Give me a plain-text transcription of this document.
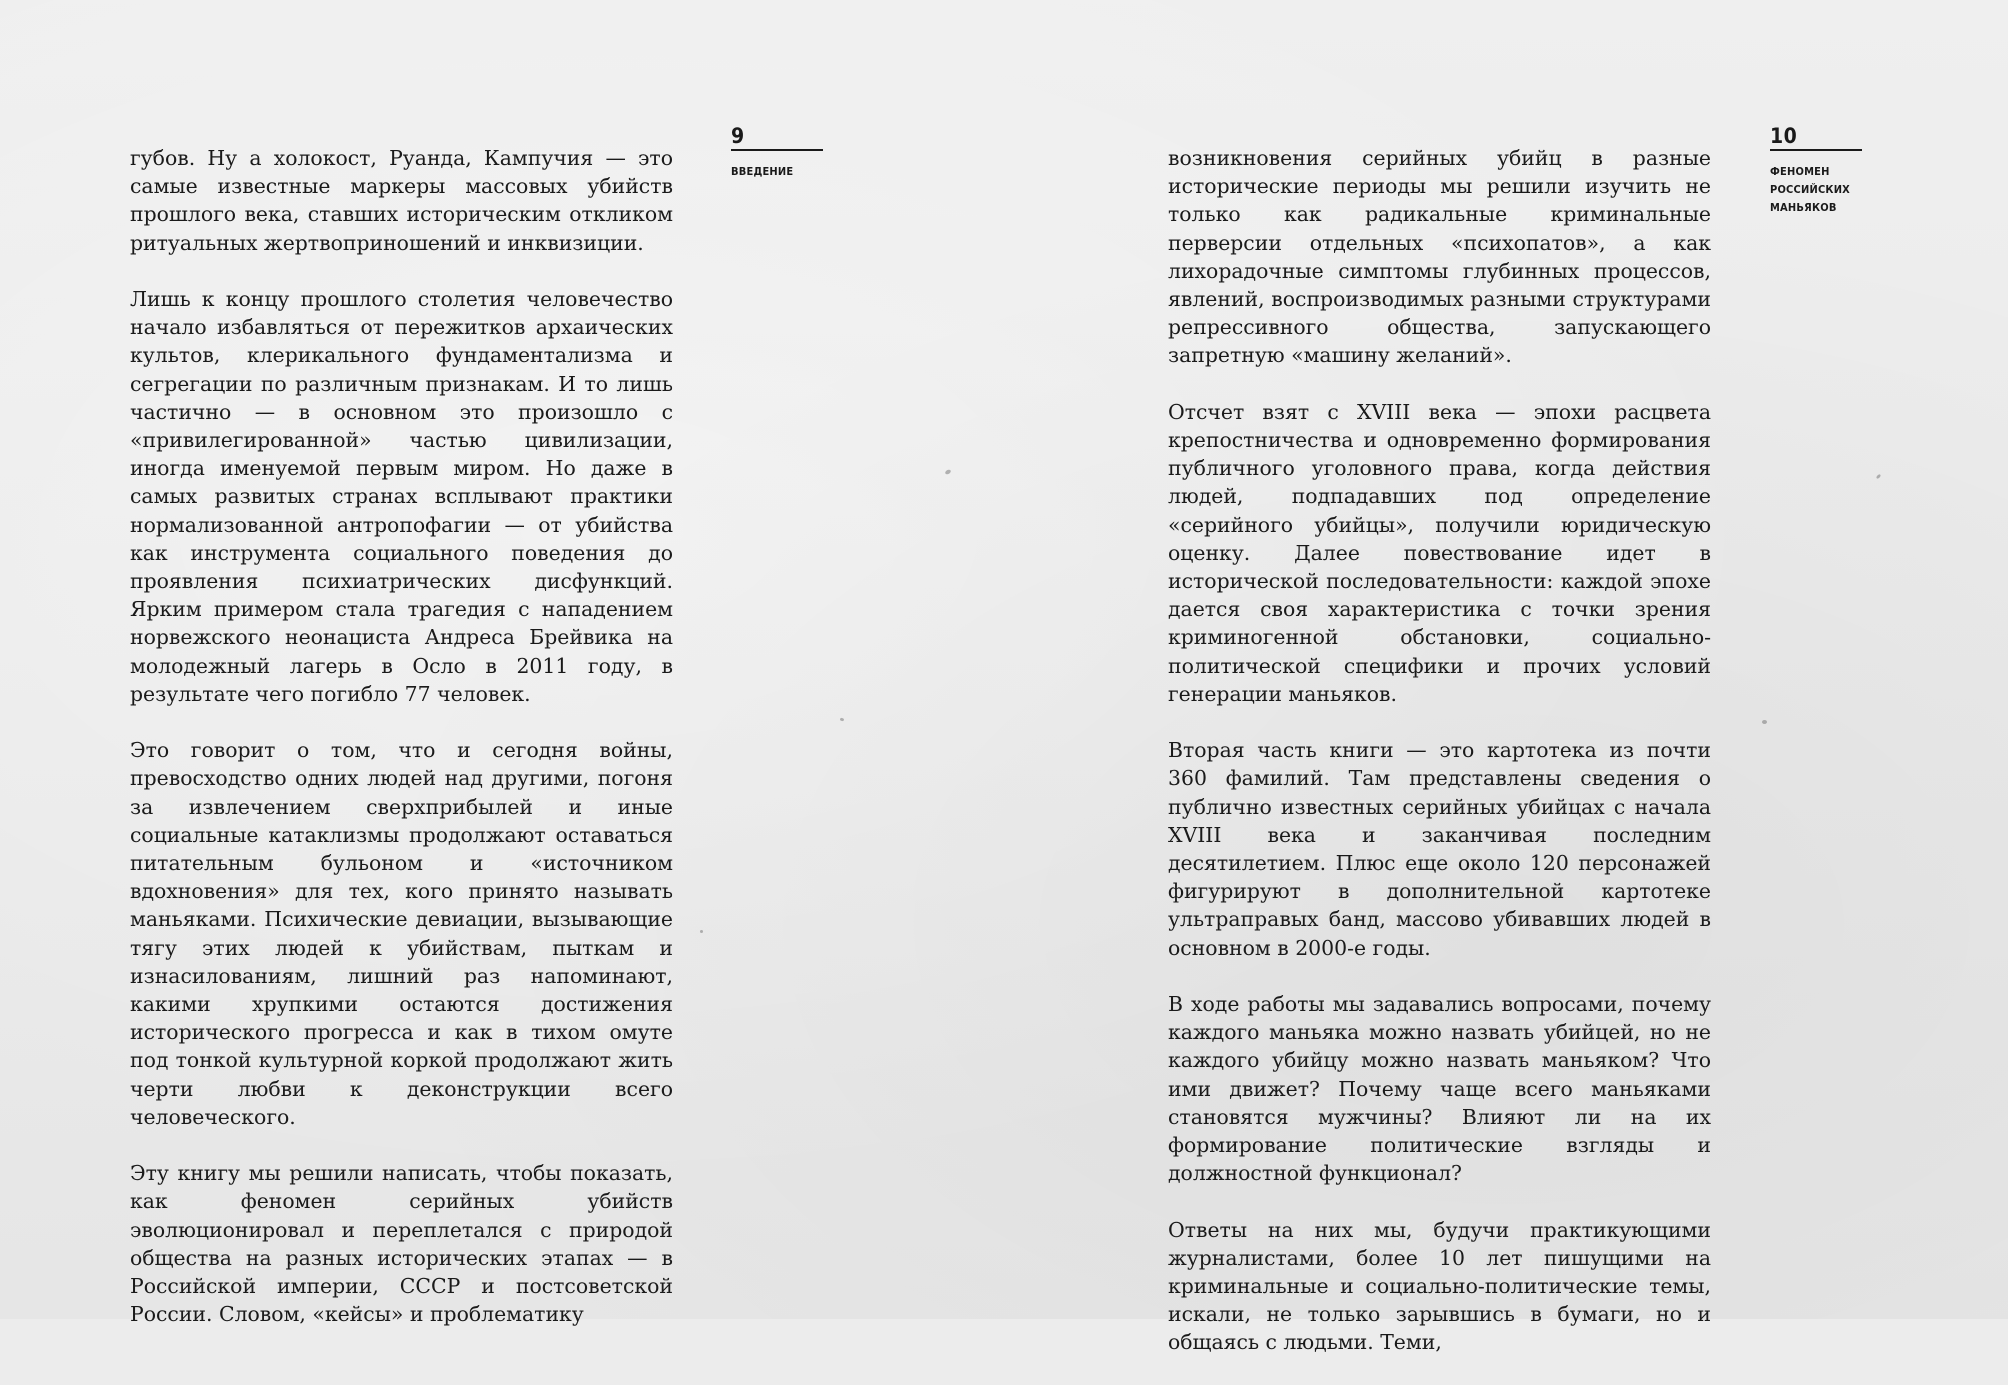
губов. Ну а холокост, Руанда, Кампучия — это самые известные маркеры массовых убийств прошлого века, ставших историческим откликом ритуальных жертвоприношений и инквизиции.

Лишь к концу прошлого столетия человечество начало избавляться от пережитков архаических культов, клерикального фундаментализма и сегрегации по различным признакам. И то лишь частично — в основном это произошло с «привилегированной» частью цивилизации, иногда именуемой первым миром. Но даже в самых развитых странах всплывают практики нормализованной антропофагии — от убийства как инструмента социального поведения до проявления психиатрических дисфункций. Ярким примером стала трагедия с нападением норвежского неонациста Андреса Брейвика на молодежный лагерь в Осло в 2011 году, в результате чего погибло 77 человек.

Это говорит о том, что и сегодня войны, превосходство одних людей над другими, погоня за извлечением сверхприбылей и иные социальные катаклизмы продолжают оставаться питательным бульоном и «источником вдохновения» для тех, кого принято называть маньяками. Психические девиации, вызывающие тягу этих людей к убийствам, пыткам и изнасилованиям, лишний раз напоминают, какими хрупкими остаются достижения исторического прогресса и как в тихом омуте под тонкой культурной коркой продолжают жить черти любви к деконструкции всего человеческого.

Эту книгу мы решили написать, чтобы показать, как феномен серийных убийств эволюционировал и переплетался с природой общества на разных исторических этапах — в Российской империи, СССР и постсоветской России. Словом, «кейсы» и проблематику

9
ВВЕДЕНИЕ

возникновения серийных убийц в разные исторические периоды мы решили изучить не только как радикальные криминальные перверсии отдельных «психопатов», а как лихорадочные симптомы глубинных процессов, явлений, воспроизводимых разными структурами репрессивного общества, запускающего запретную «машину желаний».

Отсчет взят с XVIII века — эпохи расцвета крепостничества и одновременно формирования публичного уголовного права, когда действия людей, подпадавших под определение «серийного убийцы», получили юридическую оценку. Далее повествование идет в исторической последовательности: каждой эпохе дается своя характеристика с точки зрения криминогенной обстановки, социально-политической специфики и прочих условий генерации маньяков.

Вторая часть книги — это картотека из почти 360 фамилий. Там представлены сведения о публично известных серийных убийцах с начала XVIII века и заканчивая последним десятилетием. Плюс еще около 120 персонажей фигурируют в дополнительной картотеке ультраправых банд, массово убивавших людей в основном в 2000-е годы.

В ходе работы мы задавались вопросами, почему каждого маньяка можно назвать убийцей, но не каждого убийцу можно назвать маньяком? Что ими движет? Почему чаще всего маньяками становятся мужчины? Влияют ли на их формирование политические взгляды и должностной функционал?

Ответы на них мы, будучи практикующими журналистами, более 10 лет пишущими на криминальные и социально-политические темы, искали, не только зарывшись в бумаги, но и общаясь с людьми. Теми,

10
ФЕНОМЕН
РОССИЙСКИХ
МАНЬЯКОВ
